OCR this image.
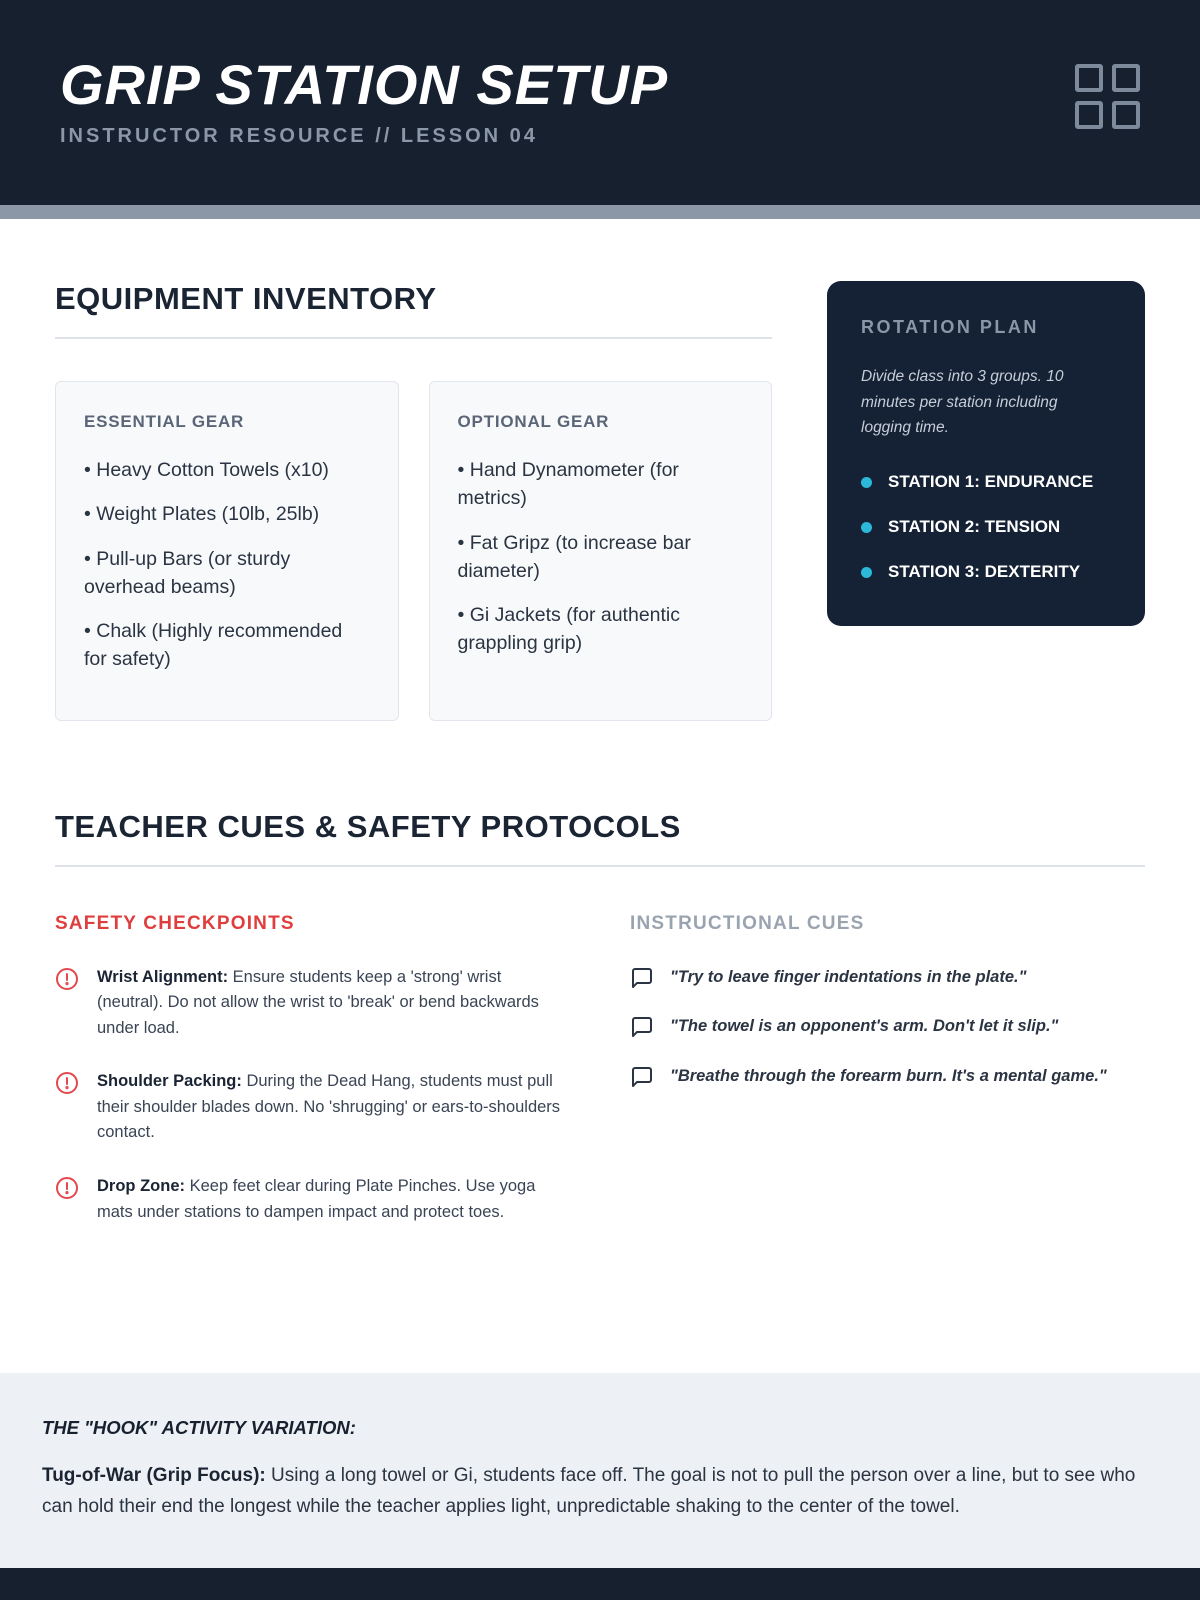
GRIP STATION SETUP
INSTRUCTOR RESOURCE // LESSON 04
EQUIPMENT INVENTORY
ESSENTIAL GEAR
• Heavy Cotton Towels (x10)
• Weight Plates (10lb, 25lb)
• Pull-up Bars (or sturdy overhead beams)
• Chalk (Highly recommended for safety)
OPTIONAL GEAR
• Hand Dynamometer (for metrics)
• Fat Gripz (to increase bar diameter)
• Gi Jackets (for authentic grappling grip)
ROTATION PLAN

Divide class into 3 groups. 10 minutes per station including logging time.

STATION 1: ENDURANCE
STATION 2: TENSION
STATION 3: DEXTERITY
TEACHER CUES & SAFETY PROTOCOLS
SAFETY CHECKPOINTS

Wrist Alignment: Ensure students keep a 'strong' wrist (neutral). Do not allow the wrist to 'break' or bend backwards under load.

Shoulder Packing: During the Dead Hang, students must pull their shoulder blades down. No 'shrugging' or ears-to-shoulders contact.

Drop Zone: Keep feet clear during Plate Pinches. Use yoga mats under stations to dampen impact and protect toes.

INSTRUCTIONAL CUES

"Try to leave finger indentations in the plate."

"The towel is an opponent's arm. Don't let it slip."

"Breathe through the forearm burn. It's a mental game."

THE "HOOK" ACTIVITY VARIATION:

Tug-of-War (Grip Focus): Using a long towel or Gi, students face off. The goal is not to pull the person over a line, but to see who can hold their end the longest while the teacher applies light, unpredictable shaking to the center of the towel.
